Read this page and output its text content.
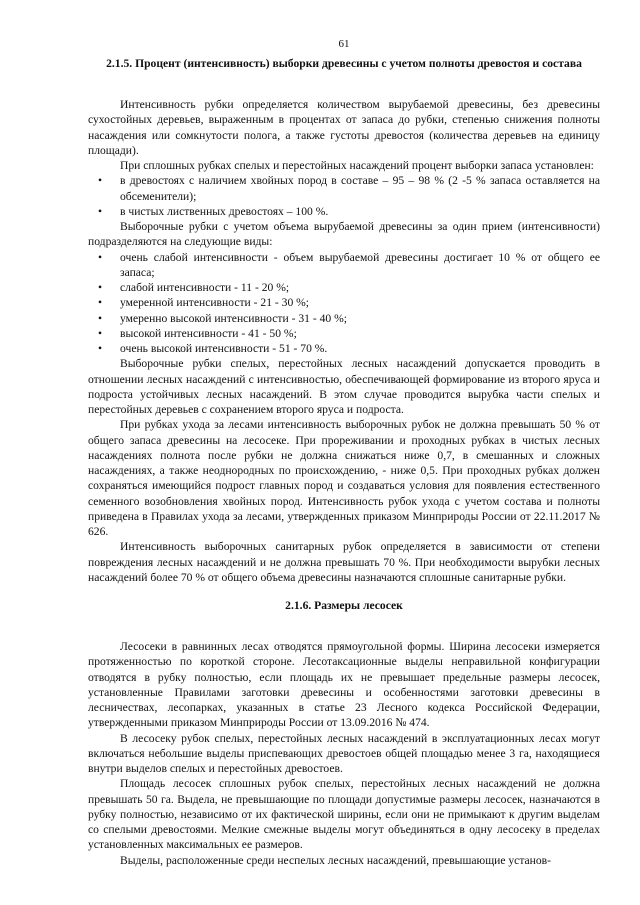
61
2.1.5. Процент (интенсивность) выборки древесины с учетом полноты древостоя и состава

Интенсивность рубки определяется количеством вырубаемой древесины, без древесины сухостойных деревьев, выраженным в процентах от запаса до рубки, степенью снижения полноты насаждения или сомкнутости полога, а также густоты древостоя (количества деревьев на единицу площади).

При сплошных рубках спелых и перестойных насаждений процент выборки запаса установлен:

• в древостоях с наличием хвойных пород в составе – 95 – 98 % (2 -5 % запаса оставляется на обсеменители);
• в чистых лиственных древостоях – 100 %.

Выборочные рубки с учетом объема вырубаемой древесины за один прием (интенсивности) подразделяются на следующие виды:

• очень слабой интенсивности - объем вырубаемой древесины достигает 10 % от общего ее запаса;
• слабой интенсивности - 11 - 20 %;
• умеренной интенсивности - 21 - 30 %;
• умеренно высокой интенсивности - 31 - 40 %;
• высокой интенсивности - 41 - 50 %;
• очень высокой интенсивности - 51 - 70 %.

Выборочные рубки спелых, перестойных лесных насаждений допускается проводить в отношении лесных насаждений с интенсивностью, обеспечивающей формирование из второго яруса и подроста устойчивых лесных насаждений. В этом случае проводится вырубка части спелых и перестойных деревьев с сохранением второго яруса и подроста.

При рубках ухода за лесами интенсивность выборочных рубок не должна превышать 50 % от общего запаса древесины на лесосеке. При прореживании и проходных рубках в чистых лесных насаждениях полнота после рубки не должна снижаться ниже 0,7, в смешанных и сложных насаждениях, а также неоднородных по происхождению, - ниже 0,5. При проходных рубках должен сохраняться имеющийся подрост главных пород и создаваться условия для появления естественного семенного возобновления хвойных пород. Интенсивность рубок ухода с учетом состава и полноты приведена в Правилах ухода за лесами, утвержденных приказом Минприроды России от 22.11.2017 № 626.

Интенсивность выборочных санитарных рубок определяется в зависимости от степени повреждения лесных насаждений и не должна превышать 70 %. При необходимости вырубки лесных насаждений более 70 % от общего объема древесины назначаются сплошные санитарные рубки.

2.1.6. Размеры лесосек

Лесосеки в равнинных лесах отводятся прямоугольной формы. Ширина лесосеки измеряется протяженностью по короткой стороне. Лесотаксационные выделы неправильной конфигурации отводятся в рубку полностью, если площадь их не превышает предельные размеры лесосек, установленные Правилами заготовки древесины и особенностями заготовки древесины в лесничествах, лесопарках, указанных в статье 23 Лесного кодекса Российской Федерации, утвержденными приказом Минприроды России от 13.09.2016 № 474.

В лесосеку рубок спелых, перестойных лесных насаждений в эксплуатационных лесах могут включаться небольшие выделы приспевающих древостоев общей площадью менее 3 га, находящиеся внутри выделов спелых и перестойных древостоев.

Площадь лесосек сплошных рубок спелых, перестойных лесных насаждений не должна превышать 50 га. Выдела, не превышающие по площади допустимые размеры лесосек, назначаются в рубку полностью, независимо от их фактической ширины, если они не примыкают к другим выделам со спелыми древостоями. Мелкие смежные выделы могут объединяться в одну лесосеку в пределах установленных максимальных ее размеров.

Выделы, расположенные среди неспелых лесных насаждений, превышающие установ-
